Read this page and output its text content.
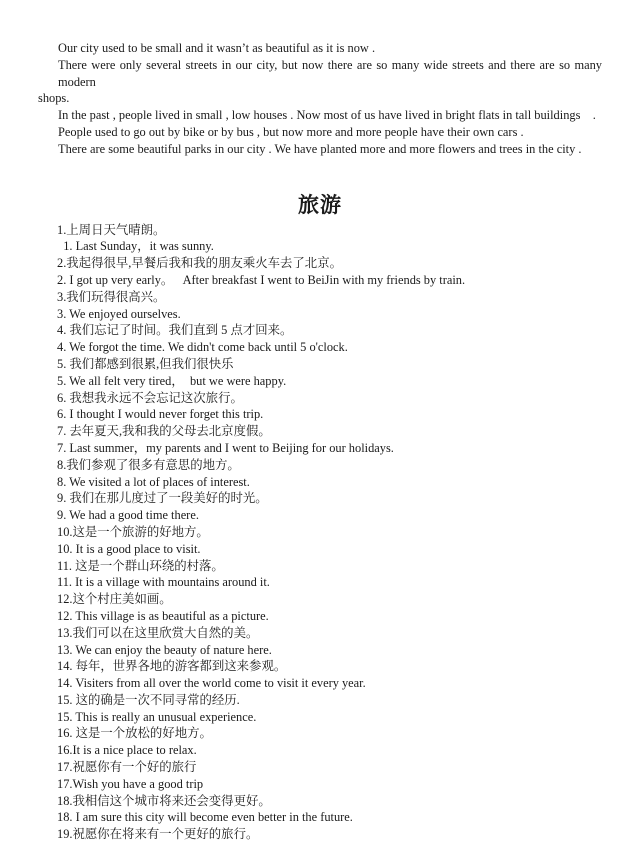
Our city used to be small and it wasn’t as beautiful as it is now .
There were only several streets in our city, but now there are so many wide streets and there are so many modern
shops.
In the past , people lived in small , low houses . Now most of us have lived in bright flats in tall buildings    .
People used to go out by bike or by bus , but now more and more people have their own cars .
There are some beautiful parks in our city . We have planted more and more flowers and trees in the city .
旅游
1.上周日天气晴朗。
1. Last Sunday，it was sunny.
2.我起得很早,早餐后我和我的朋友乘火车去了北京。
2. I got up very early。   After breakfast I went to BeiJin with my friends by train.
3.我们玩得很高兴。
3. We enjoyed ourselves.
4. 我们忘记了时间。我们直到 5 点才回来。
4. We forgot the time. We didn't come back until 5 o'clock.
5. 我们都感到很累,但我们很快乐
5. We all felt very tired，  but we were happy.
6. 我想我永远不会忘记这次旅行。
6. I thought I would never forget this trip.
7. 去年夏天,我和我的父母去北京度假。
7. Last summer，my parents and I went to Beijing for our holidays.
8.我们参观了很多有意思的地方。
8. We visited a lot of places of interest.
9. 我们在那儿度过了一段美好的时光。
9. We had a good time there.
10.这是一个旅游的好地方。
10. It is a good place to visit.
11. 这是一个群山环绕的村落。
11. It is a village with mountains around it.
12.这个村庄美如画。
12. This village is as beautiful as a picture.
13.我们可以在这里欣赏大自然的美。
13. We can enjoy the beauty of nature here.
14. 每年，世界各地的游客都到这来参观。
14. Visiters from all over the world come to visit it every year.
15. 这的确是一次不同寻常的经历.
15. This is really an unusual experience.
16. 这是一个放松的好地方。
16.It is a nice place to relax.
17.祝愿你有一个好的旅行
17.Wish you have a good trip
18.我相信这个城市将来还会变得更好。
18. I am sure this city will become even better in the future.
19.祝愿你在将来有一个更好的旅行。
